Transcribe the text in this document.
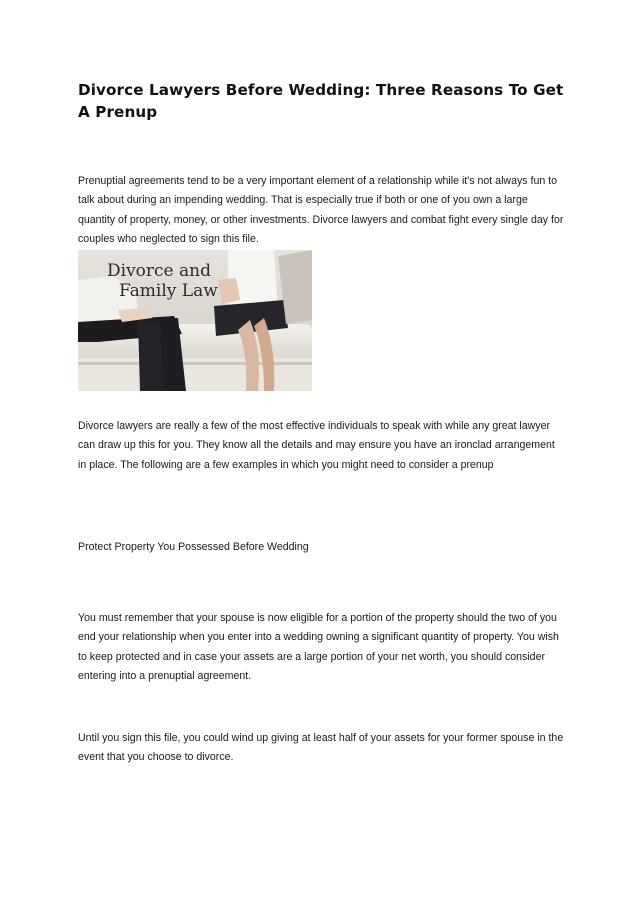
Divorce Lawyers Before Wedding: Three Reasons To Get A Prenup

Prenuptial agreements tend to be a very important element of a relationship while it's not always fun to talk about during an impending wedding. That is especially true if both or one of you own a large quantity of property, money, or other investments. Divorce lawyers and combat fight every single day for couples who neglected to sign this file.

Divorce and
Family Law

Divorce lawyers are really a few of the most effective individuals to speak with while any great lawyer can draw up this for you. They know all the details and may ensure you have an ironclad arrangement in place. The following are a few examples in which you might need to consider a prenup

Protect Property You Possessed Before Wedding

You must remember that your spouse is now eligible for a portion of the property should the two of you end your relationship when you enter into a wedding owning a significant quantity of property. You wish to keep protected and in case your assets are a large portion of your net worth, you should consider entering into a prenuptial agreement.

Until you sign this file, you could wind up giving at least half of your assets for your former spouse in the event that you choose to divorce.
